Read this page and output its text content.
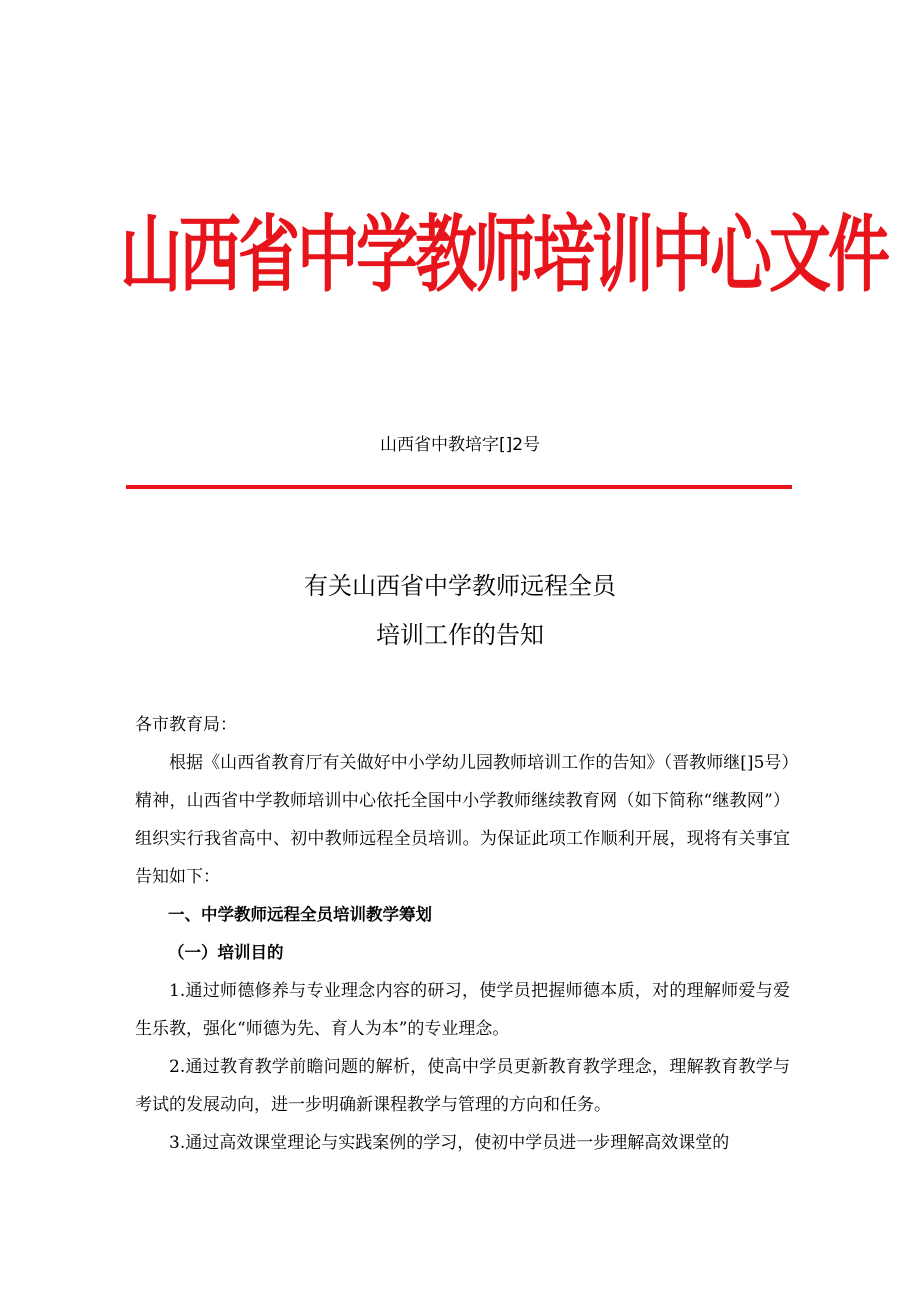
山西省中学教师培训中心文件
山西省中教培字[]2号
有关山西省中学教师远程全员
培训工作的告知

各市教育局：

根据《山西省教育厅有关做好中小学幼儿园教师培训工作的告知》（晋教师继[]5号）精神，山西省中学教师培训中心依托全国中小学教师继续教育网（如下简称“继教网”）组织实行我省高中、初中教师远程全员培训。为保证此项工作顺利开展，现将有关事宜告知如下：

一、中学教师远程全员培训教学筹划

（一）培训目的

1.通过师德修养与专业理念内容的研习，使学员把握师德本质，对的理解师爱与爱生乐教，强化“师德为先、育人为本”的专业理念。

2.通过教育教学前瞻问题的解析，使高中学员更新教育教学理念，理解教育教学与考试的发展动向，进一步明确新课程教学与管理的方向和任务。

3.通过高效课堂理论与实践案例的学习，使初中学员进一步理解高效课堂的
